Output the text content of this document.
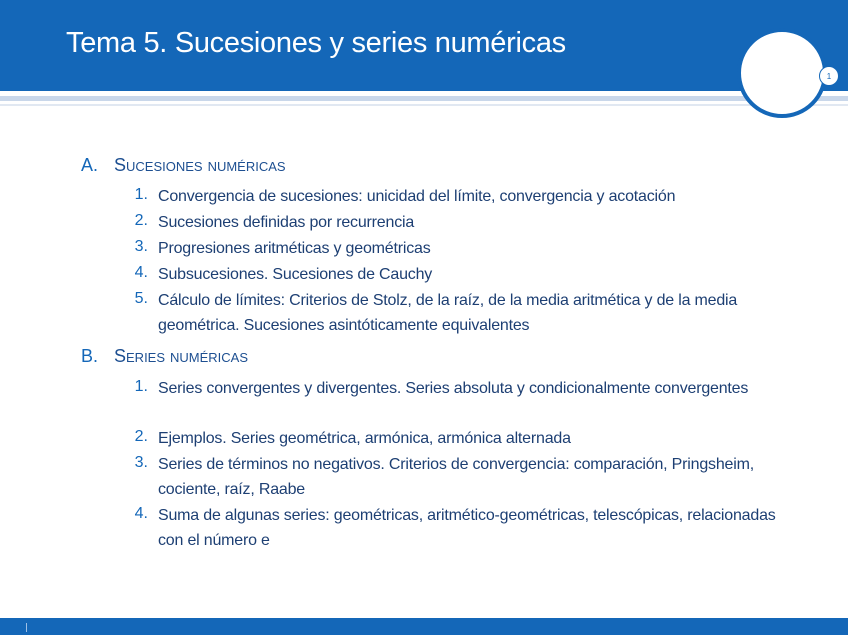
Tema 5. Sucesiones y series numéricas
1
A. Sucesiones numéricas
1. Convergencia de sucesiones: unicidad del límite, convergencia y acotación
2. Sucesiones definidas por recurrencia
3. Progresiones aritméticas y geométricas
4. Subsucesiones. Sucesiones de Cauchy
5. Cálculo de límites: Criterios de Stolz, de la raíz, de la media aritmética y de la media geométrica. Sucesiones asintóticamente equivalentes
B. Series numéricas
1. Series convergentes y divergentes. Series absoluta y condicionalmente convergentes
2. Ejemplos. Series geométrica, armónica, armónica alternada
3. Series de términos no negativos. Criterios de convergencia: comparación, Pringsheim, cociente, raíz, Raabe
4. Suma de algunas series: geométricas, aritmético-geométricas, telescópicas, relacionadas con el número e
